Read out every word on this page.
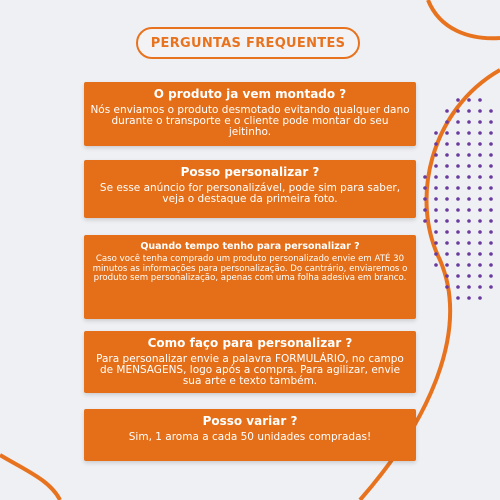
PERGUNTAS FREQUENTES
O produto ja vem montado ?
Nós enviamos o produto desmotado evitando qualquer dano durante o transporte e o cliente pode montar do seu jeitinho.
Posso personalizar ?
Se esse anúncio for personalizável, pode sim para saber, veja o destaque da primeira foto.
Quando tempo tenho para personalizar ?
Caso você tenha comprado um produto personalizado envie em ATÉ 30 minutos as informações para personalização. Do cantrário, enviaremos o produto sem personalização, apenas com uma folha adesiva em branco.
Como faço para personalizar ?
Para personalizar envie a palavra FORMULÁRIO, no campo de MENSAGENS, logo após a compra. Para agilizar, envie sua arte e texto também.
Posso variar ?
Sim, 1 aroma a cada 50 unidades compradas!
